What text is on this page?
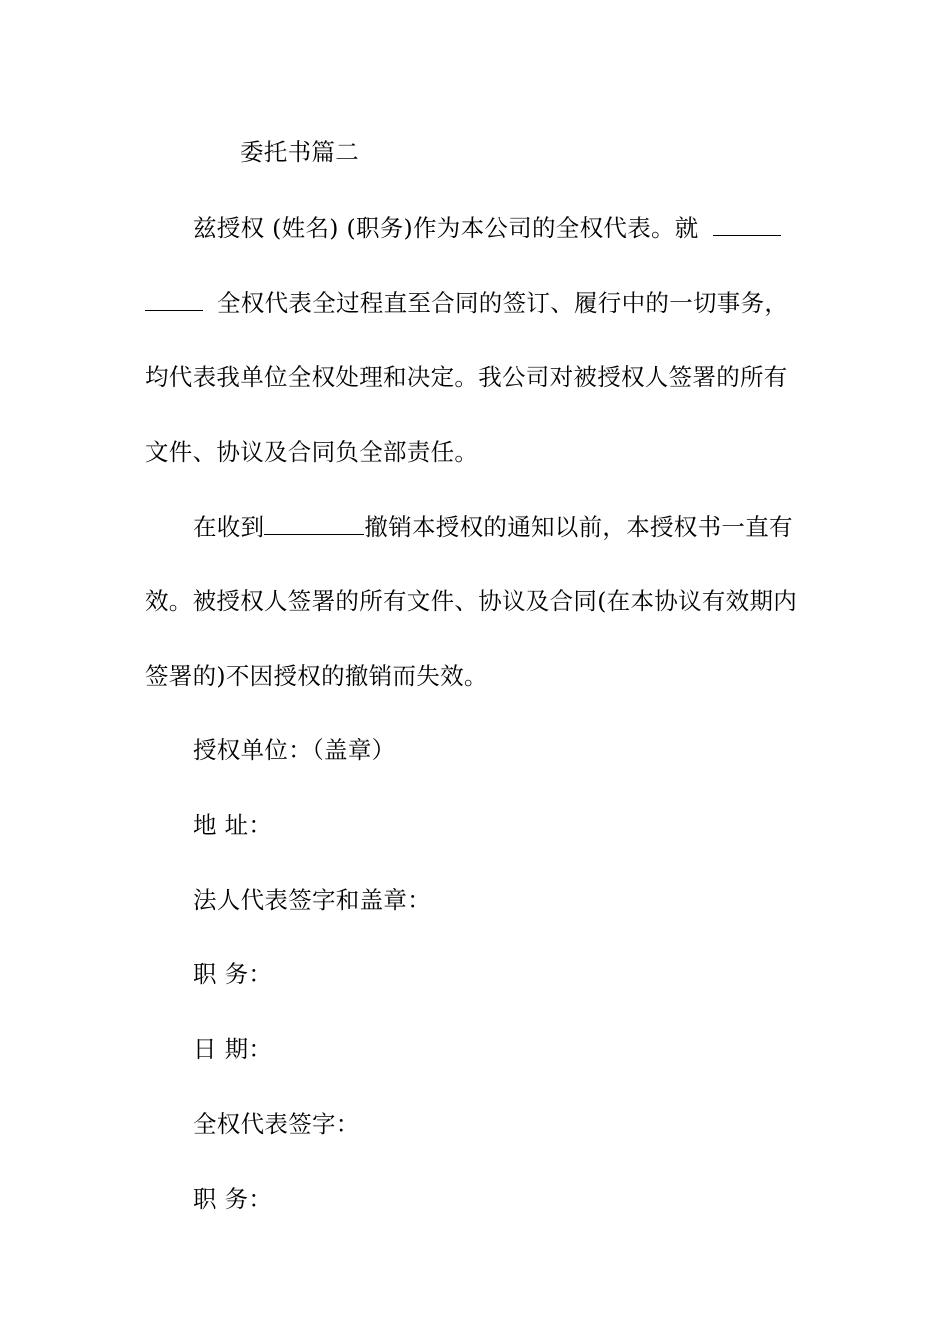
委托书篇二
兹授权 (姓名) (职务)作为本公司的全权代表。就
全权代表全过程直至合同的签订、履行中的一切事务，
均代表我单位全权处理和决定。我公司对被授权人签署的所有
文件、协议及合同负全部责任。
在收到	撤销本授权的通知以前，本授权书一直有
效。被授权人签署的所有文件、协议及合同(在本协议有效期内
签署的)不因授权的撤销而失效。
授权单位：（盖章）
地 址：
法人代表签字和盖章：
职 务：
日 期：
全权代表签字：
职 务：
